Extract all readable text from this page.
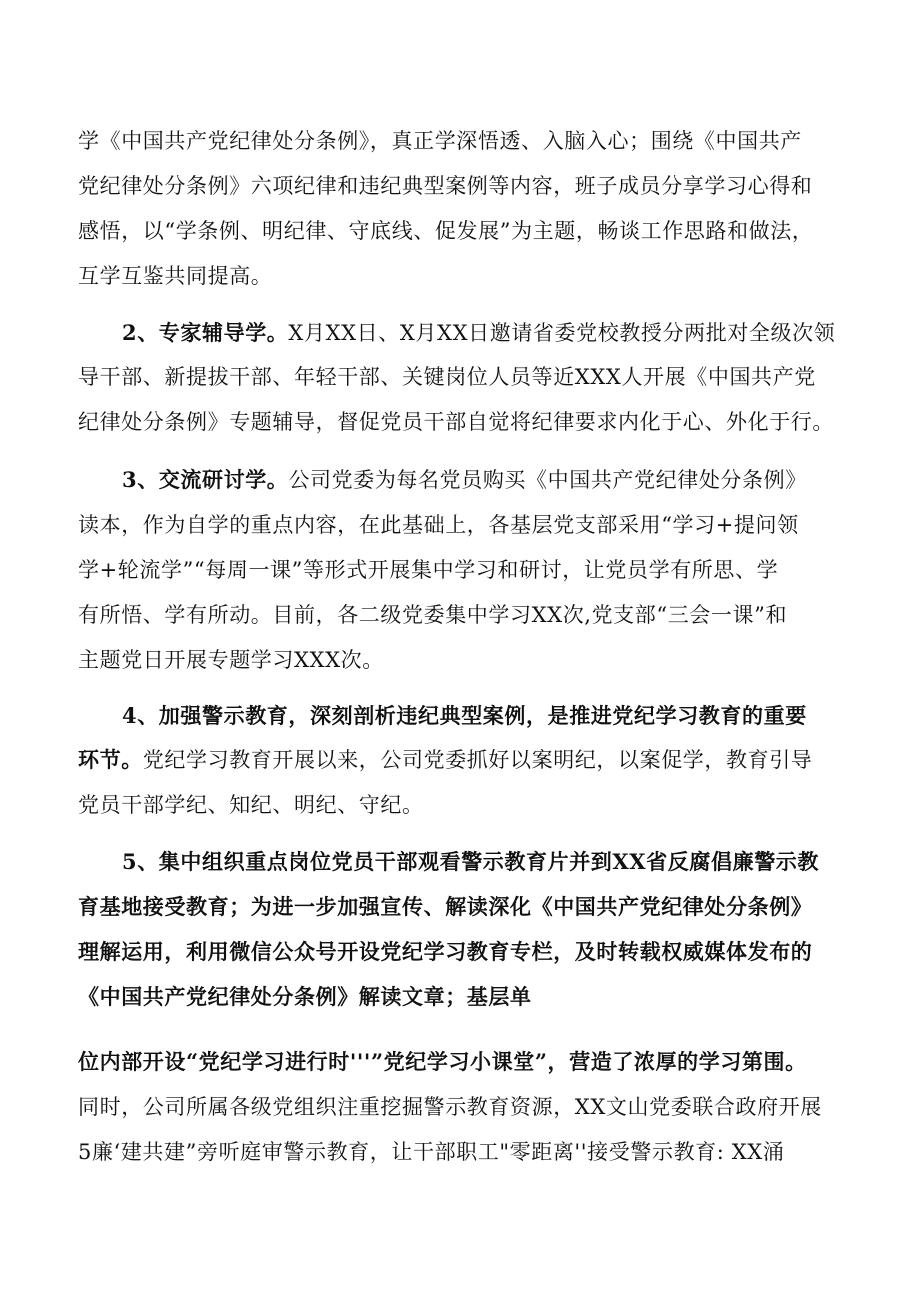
学《中国共产党纪律处分条例》，真正学深悟透、入脑入心；围绕《中国共产
党纪律处分条例》六项纪律和违纪典型案例等内容，班子成员分享学习心得和
感悟，以“学条例、明纪律、守底线、促发展”为主题，畅谈工作思路和做法，
互学互鉴共同提高。
2、专家辅导学。X月XX日、X月XX日邀请省委党校教授分两批对全级次领
导干部、新提拔干部、年轻干部、关键岗位人员等近XXX人开展《中国共产党
纪律处分条例》专题辅导，督促党员干部自觉将纪律要求内化于心、外化于行。
3、交流研讨学。公司党委为每名党员购买《中国共产党纪律处分条例》
读本，作为自学的重点内容，在此基础上，各基层党支部采用“学习+提问领
学+轮流学”“每周一课”等形式开展集中学习和研讨，让党员学有所思、学
有所悟、学有所动。目前，各二级党委集中学习XX次,党支部“三会一课”和
主题党日开展专题学习XXX次。
4、加强警示教育，深刻剖析违纪典型案例，是推进党纪学习教育的重要
环节。党纪学习教育开展以来，公司党委抓好以案明纪，以案促学，教育引导
党员干部学纪、知纪、明纪、守纪。
5、集中组织重点岗位党员干部观看警示教育片并到XX省反腐倡廉警示教
育基地接受教育；为进一步加强宣传、解读深化《中国共产党纪律处分条例》
理解运用，利用微信公众号开设党纪学习教育专栏，及时转载权威媒体发布的
《中国共产党纪律处分条例》解读文章；基层单
位内部开设“党纪学习进行时'''”党纪学习小课堂”，营造了浓厚的学习第围。
同时，公司所属各级党组织注重挖掘警示教育资源，XX文山党委联合政府开展
5廉‘建共建”旁听庭审警示教育，让干部职工"零距离''接受警示教育: XX涌
